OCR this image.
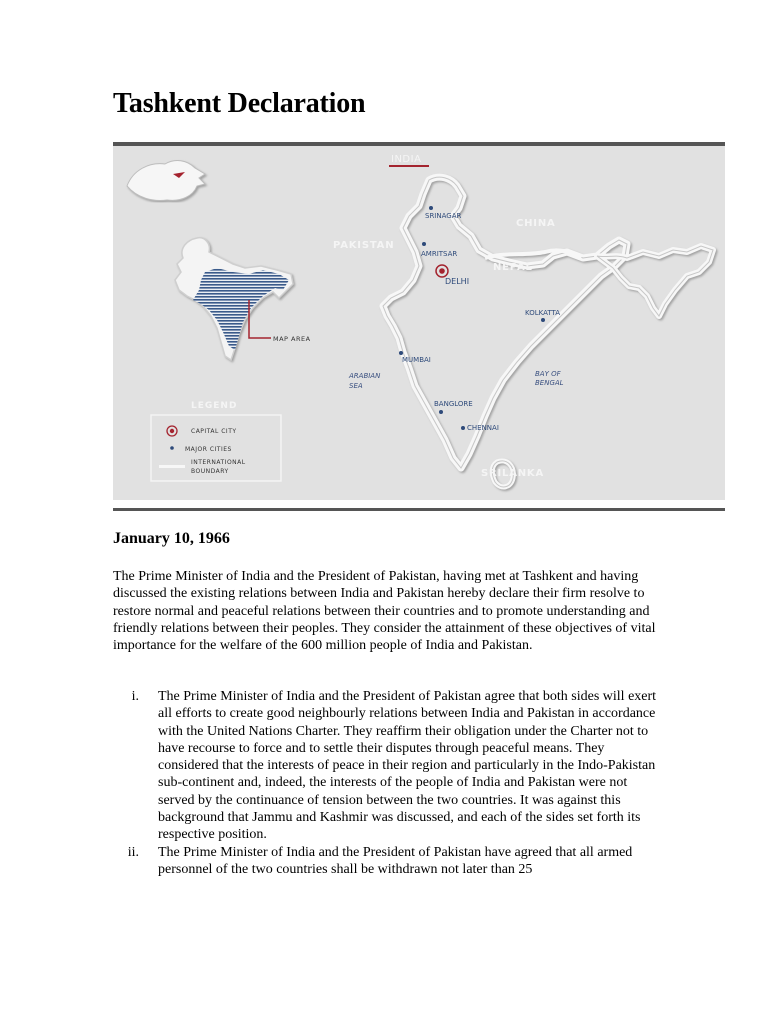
Tashkent Declaration
MAP AREA
INDIA
CHINA
PAKISTAN
NEPAL
SRILANKA
ARABIAN
SEA
BAY OF
BENGAL
SRINAGAR
AMRITSAR
DELHI
KOLKATTA
MUMBAI
BANGLORE
CHENNAI
LEGEND
CAPITAL CITY
MAJOR CITIES
INTERNATIONAL
BOUNDARY
January 10, 1966

The Prime Minister of India and the President of Pakistan, having met at Tashkent and having discussed the existing relations between India and Pakistan hereby declare their firm resolve to restore normal and peaceful relations between their countries and to promote understanding and friendly relations between their peoples. They consider the attainment of these objectives of vital importance for the welfare of the 600 million people of India and Pakistan.

i. The Prime Minister of India and the President of Pakistan agree that both sides will exert all efforts to create good neighbourly relations between India and Pakistan in accordance with the United Nations Charter. They reaffirm their obligation under the Charter not to have recourse to force and to settle their disputes through peaceful means. They considered that the interests of peace in their region and particularly in the Indo-Pakistan sub-continent and, indeed, the interests of the people of India and Pakistan were not served by the continuance of tension between the two countries. It was against this background that Jammu and Kashmir was discussed, and each of the sides set forth its respective position.
ii. The Prime Minister of India and the President of Pakistan have agreed that all armed personnel of the two countries shall be withdrawn not later than 25
